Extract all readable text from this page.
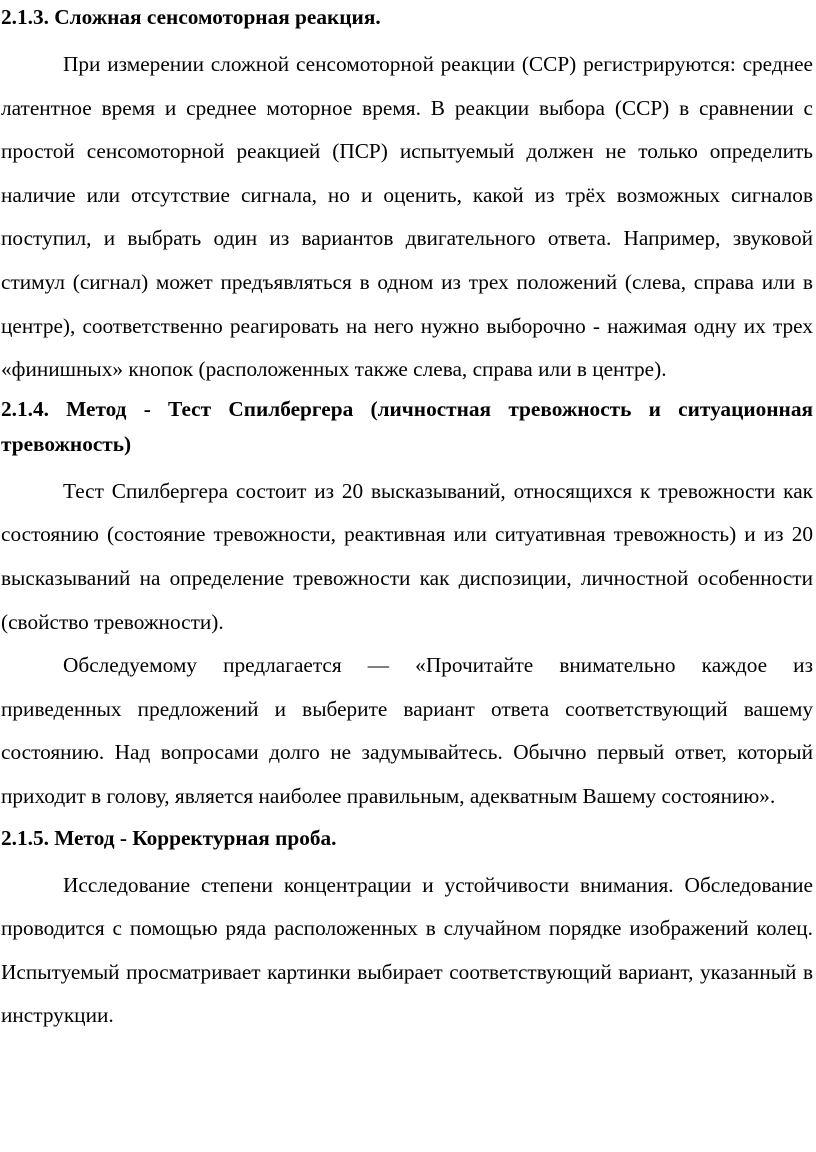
2.1.3. Сложная сенсомоторная реакция.

При измерении сложной сенсомоторной реакции (ССР) регистрируются: среднее латентное время и среднее моторное время. В реакции выбора (ССР) в сравнении с простой сенсомоторной реакцией (ПСР) испытуемый должен не только определить наличие или отсутствие сигнала, но и оценить, какой из трёх возможных сигналов поступил, и выбрать один из вариантов двигательного ответа. Например, звуковой стимул (сигнал) может предъявляться в одном из трех положений (слева, справа или в центре), соответственно реагировать на него нужно выборочно - нажимая одну их трех «финишных» кнопок (расположенных также слева, справа или в центре).

2.1.4. Метод - Тест Спилбергера (личностная тревожность и ситуационная тревожность)

Тест Спилбергера состоит из 20 высказываний, относящихся к тревожности как состоянию (состояние тревожности, реактивная или ситуативная тревожность) и из 20 высказываний на определение тревожности как диспозиции, личностной особенности (свойство тревожности).

Обследуемому предлагается — «Прочитайте внимательно каждое из приведенных предложений и выберите вариант ответа соответствующий вашему состоянию. Над вопросами долго не задумывайтесь. Обычно первый ответ, который приходит в голову, является наиболее правильным, адекватным Вашему состоянию».

2.1.5. Метод - Корректурная проба.

Исследование степени концентрации и устойчивости внимания. Обследование проводится с помощью ряда расположенных в случайном порядке изображений колец. Испытуемый просматривает картинки выбирает соответствующий вариант, указанный в инструкции.
